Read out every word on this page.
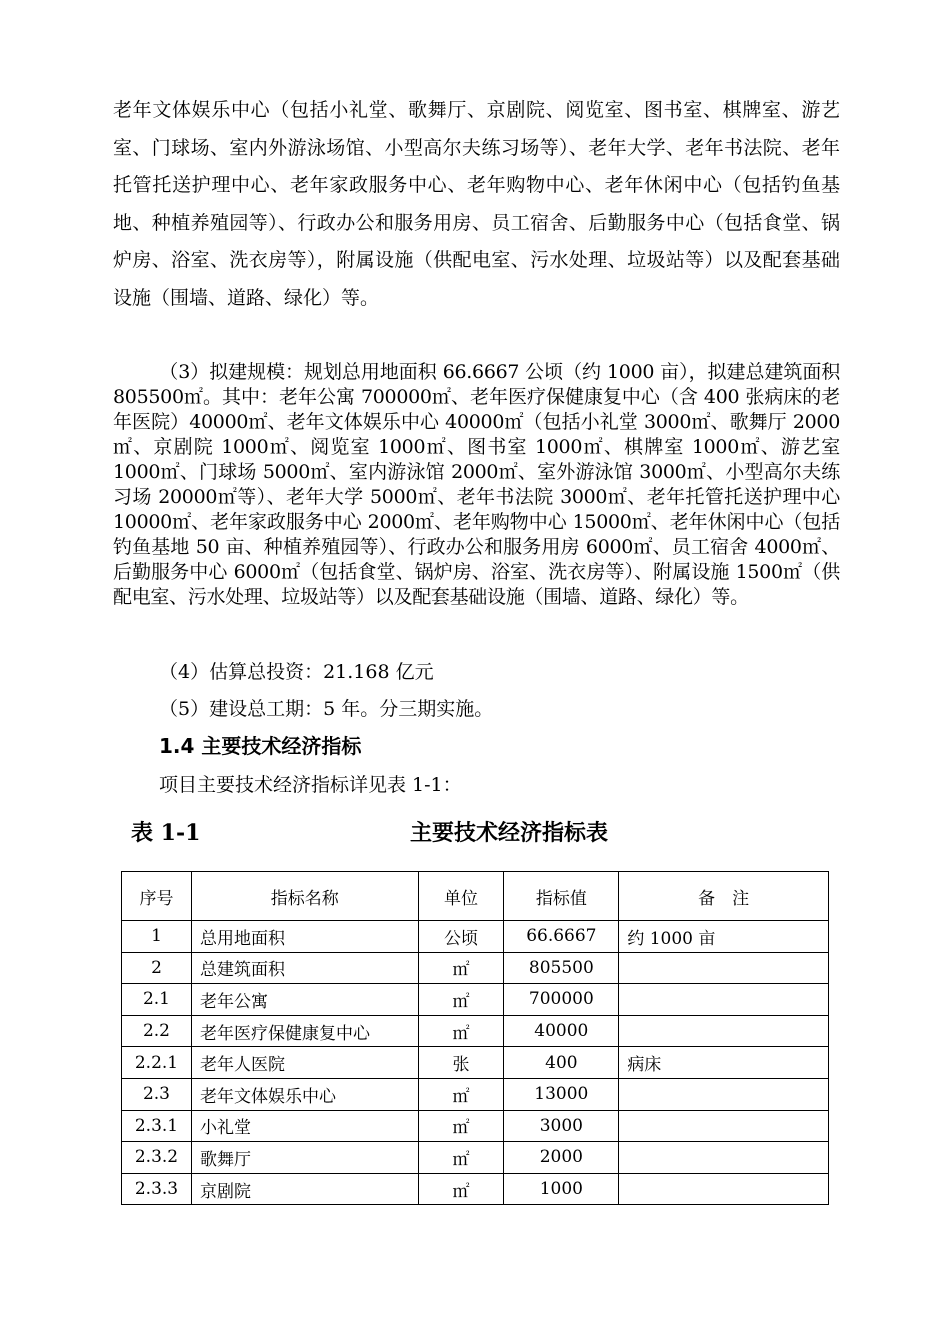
老年文体娱乐中心（包括小礼堂、歌舞厅、京剧院、阅览室、图书室、棋牌室、游艺室、门球场、室内外游泳场馆、小型高尔夫练习场等）、老年大学、老年书法院、老年托管托送护理中心、老年家政服务中心、老年购物中心、老年休闲中心（包括钓鱼基地、种植养殖园等）、行政办公和服务用房、员工宿舍、后勤服务中心（包括食堂、锅炉房、浴室、洗衣房等），附属设施（供配电室、污水处理、垃圾站等）以及配套基础设施（围墙、道路、绿化）等。

（3）拟建规模：规划总用地面积 66.6667 公顷（约 1000 亩），拟建总建筑面积 805500㎡。其中：老年公寓 700000㎡、老年医疗保健康复中心（含 400 张病床的老年医院）40000㎡、老年文体娱乐中心 40000㎡（包括小礼堂 3000㎡、歌舞厅 2000㎡、京剧院 1000㎡、阅览室 1000㎡、图书室 1000㎡、棋牌室 1000㎡、游艺室 1000㎡、门球场 5000㎡、室内游泳馆 2000㎡、室外游泳馆 3000㎡、小型高尔夫练习场 20000㎡等）、老年大学 5000㎡、老年书法院 3000㎡、老年托管托送护理中心 10000㎡、老年家政服务中心 2000㎡、老年购物中心 15000㎡、老年休闲中心（包括钓鱼基地 50 亩、种植养殖园等）、行政办公和服务用房 6000㎡、员工宿舍 4000㎡、后勤服务中心 6000㎡（包括食堂、锅炉房、浴室、洗衣房等）、附属设施 1500㎡（供配电室、污水处理、垃圾站等）以及配套基础设施（围墙、道路、绿化）等。

（4）估算总投资：21.168 亿元

（5）建设总工期：5 年。分三期实施。

1.4 主要技术经济指标

项目主要技术经济指标详见表 1-1：

表 1-1	主要技术经济指标表

序号	指标名称	单位	指标值	备　注
1	总用地面积	公顷	66.6667	约 1000 亩
2	总建筑面积	㎡	805500	
2.1	老年公寓	㎡	700000	
2.2	老年医疗保健康复中心	㎡	40000	
2.2.1	老年人医院	张	400	病床
2.3	老年文体娱乐中心	㎡	13000	
2.3.1	小礼堂	㎡	3000	
2.3.2	歌舞厅	㎡	2000	
2.3.3	京剧院	㎡	1000	
